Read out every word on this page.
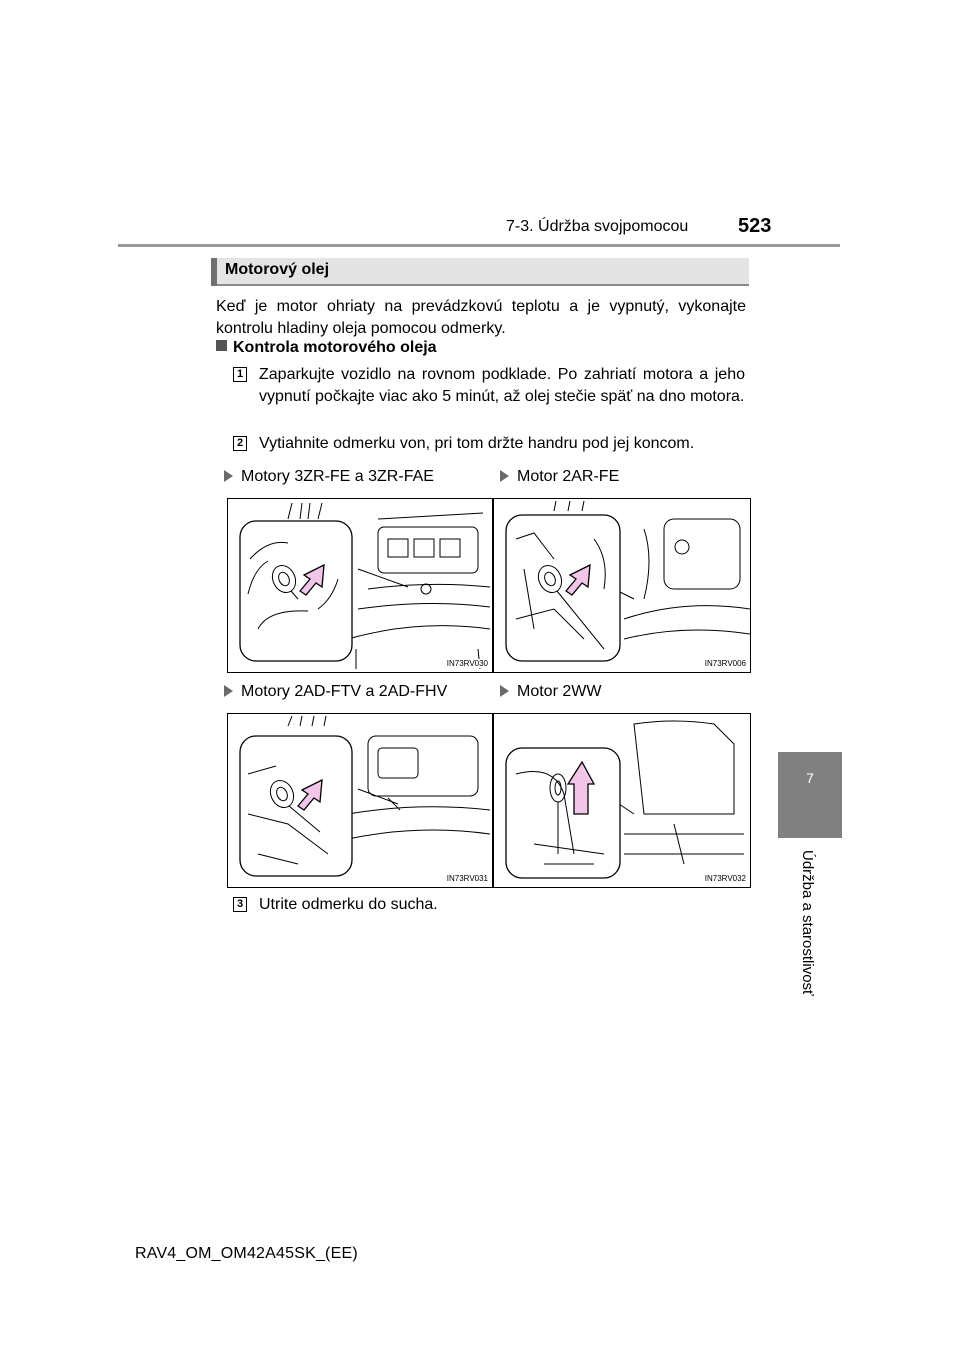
7-3. Údržba svojpomocou 523
7
Údržba a starostlivosť
Motorový olej
Keď je motor ohriaty na prevádzkovú teplotu a je vypnutý, vykonajte kontrolu hladiny oleja pomocou odmerky.
Kontrola motorového oleja
1 Zaparkujte vozidlo na rovnom podklade. Po zahriatí motora a jeho vypnutí počkajte viac ako 5 minút, až olej stečie späť na dno motora.
2 Vytiahnite odmerku von, pri tom držte handru pod jej koncom.
Motory 3ZR-FE a 3ZR-FAE	Motor 2AR-FE
Motory 2AD-FTV a 2AD-FHV	Motor 2WW
IN73RV030	IN73RV006
IN73RV031	IN73RV032
3 Utrite odmerku do sucha.
RAV4_OM_OM42A45SK_(EE)
